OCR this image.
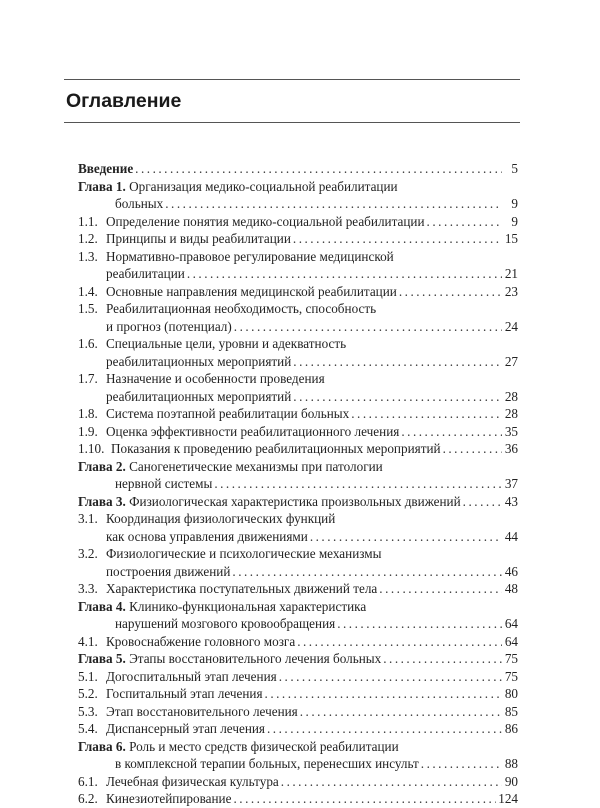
Оглавление
Введение .....	5
Глава 1. Организация медико-социальной реабилитации
больных .....	9
1.1. Определение понятия медико-социальной реабилитации .....	9
1.2. Принципы и виды реабилитации .....	15
1.3. Нормативно-правовое регулирование медицинской
реабилитации .....	21
1.4. Основные направления медицинской реабилитации .....	23
1.5. Реабилитационная необходимость, способность
и прогноз (потенциал) .....	24
1.6. Специальные цели, уровни и адекватность
реабилитационных мероприятий .....	27
1.7. Назначение и особенности проведения
реабилитационных мероприятий .....	28
1.8. Система поэтапной реабилитации больных .....	28
1.9. Оценка эффективности реабилитационного лечения .....	35
1.10. Показания к проведению реабилитационных мероприятий .....	36
Глава 2. Саногенетические механизмы при патологии
нервной системы .....	37
Глава 3. Физиологическая характеристика произвольных движений .....	43
3.1. Координация физиологических функций
как основа управления движениями .....	44
3.2. Физиологические и психологические механизмы
построения движений .....	46
3.3. Характеристика поступательных движений тела .....	48
Глава 4. Клинико-функциональная характеристика
нарушений мозгового кровообращения .....	64
4.1. Кровоснабжение головного мозга .....	64
Глава 5. Этапы восстановительного лечения больных .....	75
5.1. Догоспитальный этап лечения .....	75
5.2. Госпитальный этап лечения .....	80
5.3. Этап восстановительного лечения .....	85
5.4. Диспансерный этап лечения .....	86
Глава 6. Роль и место средств физической реабилитации
в комплексной терапии больных, перенесших инсульт .....	88
6.1. Лечебная физическая культура .....	90
6.2. Кинезиотейпирование .....	124
